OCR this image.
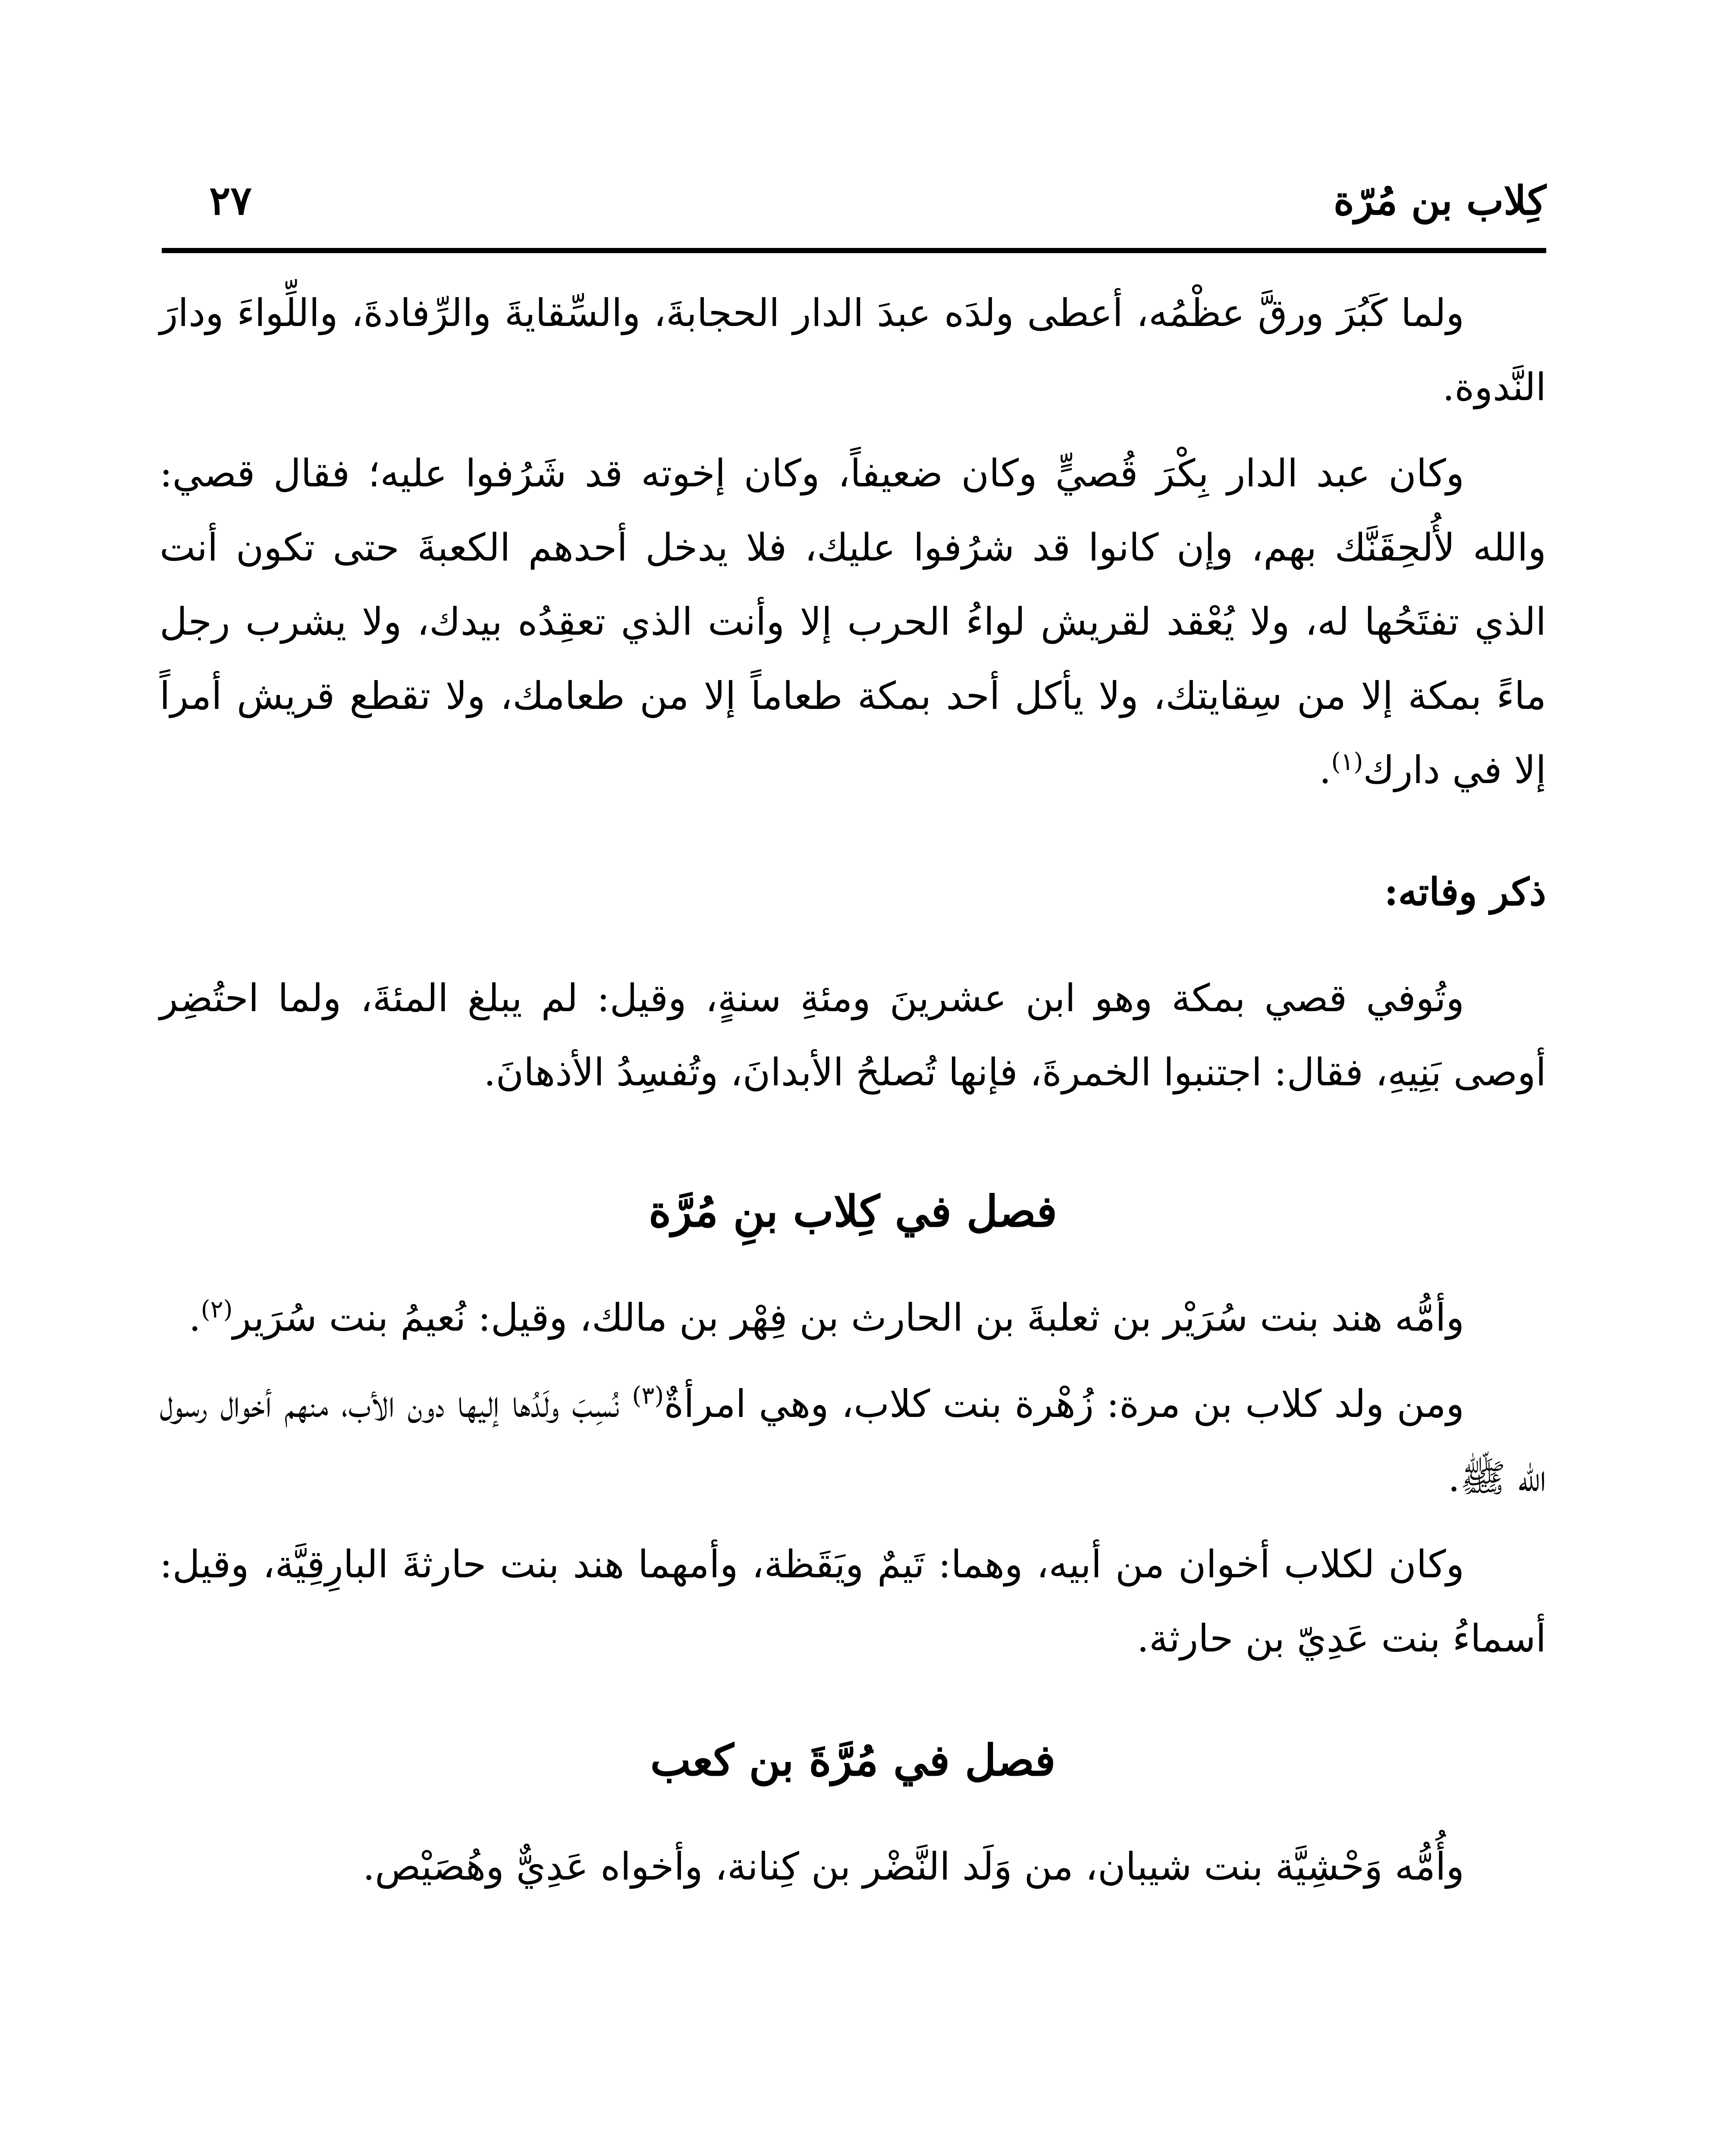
كِلاب بن مُرّة
٢٧

ولما كَبُرَ ورقَّ عظْمُه، أعطى ولدَه عبدَ الدار الحجابةَ، والسِّقايةَ والرِّفادةَ، واللِّواءَ ودارَ النَّدوة.

وكان عبد الدار بِكْرَ قُصيٍّ وكان ضعيفاً، وكان إخوته قد شَرُفوا عليه؛ فقال قصي: والله لأُلحِقَنَّك بهم، وإن كانوا قد شرُفوا عليك، فلا يدخل أحدهم الكعبةَ حتى تكون أنت الذي تفتَحُها له، ولا يُعْقد لقريش لواءُ الحرب إلا وأنت الذي تعقِدُه بيدك، ولا يشرب رجل ماءً بمكة إلا من سِقايتك، ولا يأكل أحد بمكة طعاماً إلا من طعامك، ولا تقطع قريش أمراً إلا في دارك$^{(١)}$.

ذكر وفاته:

وتُوفي قصي بمكة وهو ابن عشرينَ ومئةِ سنةٍ، وقيل: لم يبلغ المئةَ، ولما احتُضِر أوصى بَنِيهِ، فقال: اجتنبوا الخمرةَ، فإنها تُصلحُ الأبدانَ، وتُفسِدُ الأذهانَ.

فصل في كِلاب بنِ مُرَّة

وأمُّه هند بنت سُرَيْر بن ثعلبةَ بن الحارث بن فِهْر بن مالك، وقيل: نُعيمُ بنت سُرَير$^{(٢)}$.

ومن ولد كلاب بن مرة: زُهْرة بنت كلاب، وهي امرأةٌ$^{(٣)}$ نُسِبَ ولَدُها إليها دون الأب، منهم أخوال رسول الله ﷺ.

وكان لكلاب أخوان من أبيه، وهما: تَيمٌ ويَقَظة، وأمهما هند بنت حارثةَ البارِقِيَّة، وقيل: أسماءُ بنت عَدِيّ بن حارثة.

فصل في مُرَّةَ بن كعب

وأُمُّه وَحْشِيَّة بنت شيبان، من وَلَد النَّضْر بن كِنانة، وأخواه عَدِيٌّ وهُصَيْص.
